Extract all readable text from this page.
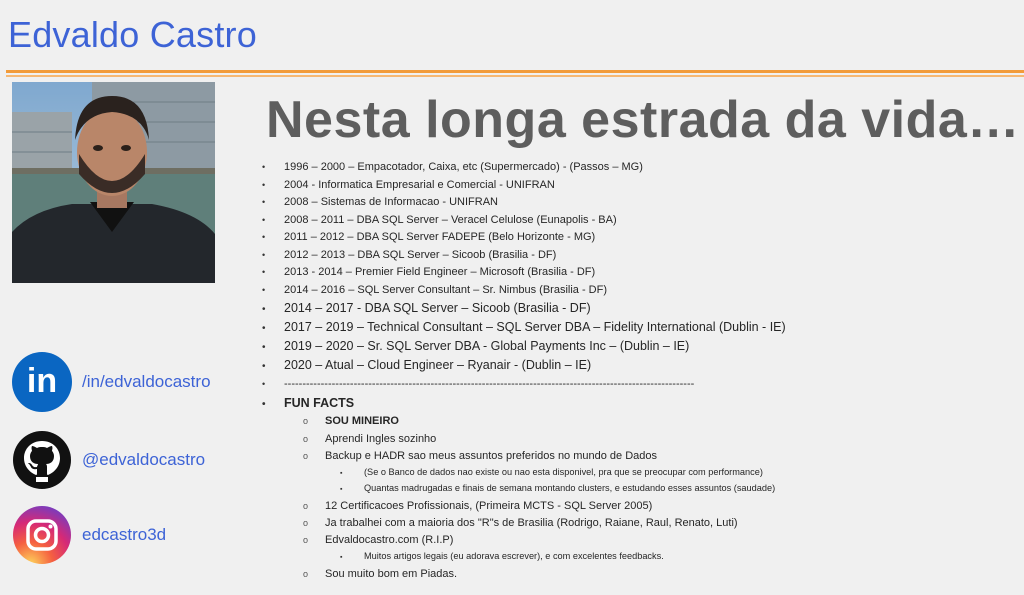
Edvaldo Castro
in	/in/edvaldocastro
@edvaldocastro
edcastro3d
Nesta longa estrada da vida…
• 1996 – 2000 – Empacotador, Caixa, etc (Supermercado) - (Passos – MG)
• 2004 - Informatica Empresarial e Comercial - UNIFRAN
• 2008 – Sistemas de Informacao - UNIFRAN
• 2008 – 2011 – DBA SQL Server – Veracel Celulose (Eunapolis - BA)
• 2011 – 2012 – DBA SQL Server FADEPE (Belo Horizonte - MG)
• 2012 – 2013 – DBA SQL Server – Sicoob (Brasilia - DF)
• 2013 - 2014 – Premier Field Engineer – Microsoft (Brasilia - DF)
• 2014 – 2016 – SQL Server Consultant – Sr. Nimbus (Brasilia - DF)
• 2014 – 2017 - DBA SQL Server – Sicoob (Brasilia - DF)
• 2017 – 2019 – Technical Consultant – SQL Server DBA – Fidelity International (Dublin - IE)
• 2019 – 2020 – Sr. SQL Server DBA - Global Payments Inc – (Dublin – IE)
• 2020 – Atual – Cloud Engineer – Ryanair - (Dublin – IE)
• ----------------------------------------------------------------------------------------------------------------
• FUN FACTS
o SOU MINEIRO
o Aprendi Ingles sozinho
o Backup e HADR sao meus assuntos preferidos no mundo de Dados
▪ (Se o Banco de dados nao existe ou nao esta disponivel, pra que se preocupar com performance)
▪ Quantas madrugadas e finais de semana montando clusters, e estudando esses assuntos (saudade)
o 12 Certificacoes Profissionais, (Primeira MCTS - SQL Server 2005)
o Ja trabalhei com a maioria dos "R"s de Brasilia (Rodrigo, Raiane, Raul, Renato, Luti)
o Edvaldocastro.com (R.I.P)
▪ Muitos artigos legais (eu adorava escrever), e com excelentes feedbacks.
o Sou muito bom em Piadas.
